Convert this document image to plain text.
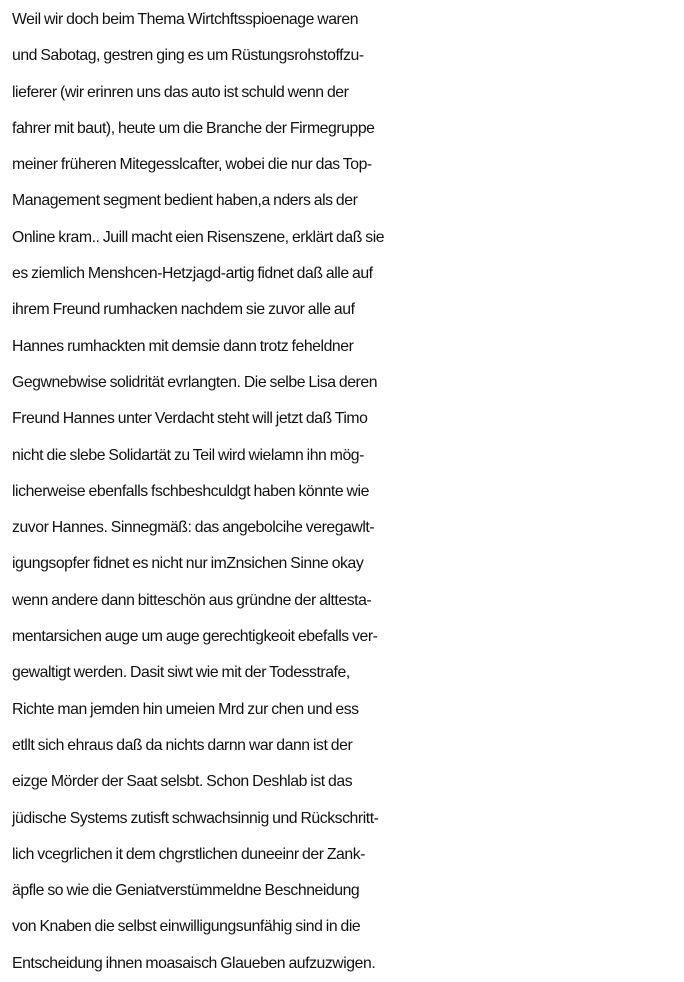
Weil wir doch beim Thema Wirtchftsspioenage waren
und Sabotag, gestren ging es um Rüstungsrohstoffzu-
lieferer (wir erinren uns das auto ist schuld wenn der
fahrer mit baut), heute um die Branche der Firmegruppe
meiner früheren Mitegesslcafter, wobei die nur das Top-
Management segment bedient haben,a nders als der
Online kram.. Juill macht eien Risenszene, erklärt daß sie
es ziemlich Menshcen-Hetzjagd-artig fidnet daß alle auf
ihrem Freund rumhacken nachdem sie zuvor alle auf
Hannes rumhackten mit demsie dann trotz feheldner
Gegwnebwise solidrität evrlangten. Die selbe Lisa deren
Freund Hannes unter Verdacht steht will jetzt daß Timo
nicht die slebe Solidartät zu Teil wird wielamn ihn mög-
licherweise ebenfalls fschbeshculdgt haben könnte wie
zuvor Hannes. Sinnegmäß: das angebolcihe veregawlt-
igungsopfer fidnet es nicht nur imZnsichen Sinne okay
wenn andere dann bitteschön aus gründne der alttesta-
mentarsichen auge um auge gerechtigkeoit ebefalls ver-
gewaltigt werden. Dasit siwt wie mit der Todesstrafe,
Richte man jemden hin umeien Mrd zur chen und ess
etllt sich ehraus daß da nichts darnn war dann ist der
eizge Mörder der Saat selsbt. Schon Deshlab ist das
jüdische Systems zutisft schwachsinnig und Rückschritt-
lich vcegrlichen it dem chgrstlichen duneeinr der Zank-
äpfle so wie die Geniatverstümmeldne Beschneidung
von Knaben die selbst einwilligungsunfähig sind in die
Entscheidung ihnen moasaisch Glaueben aufzuzwigen.
